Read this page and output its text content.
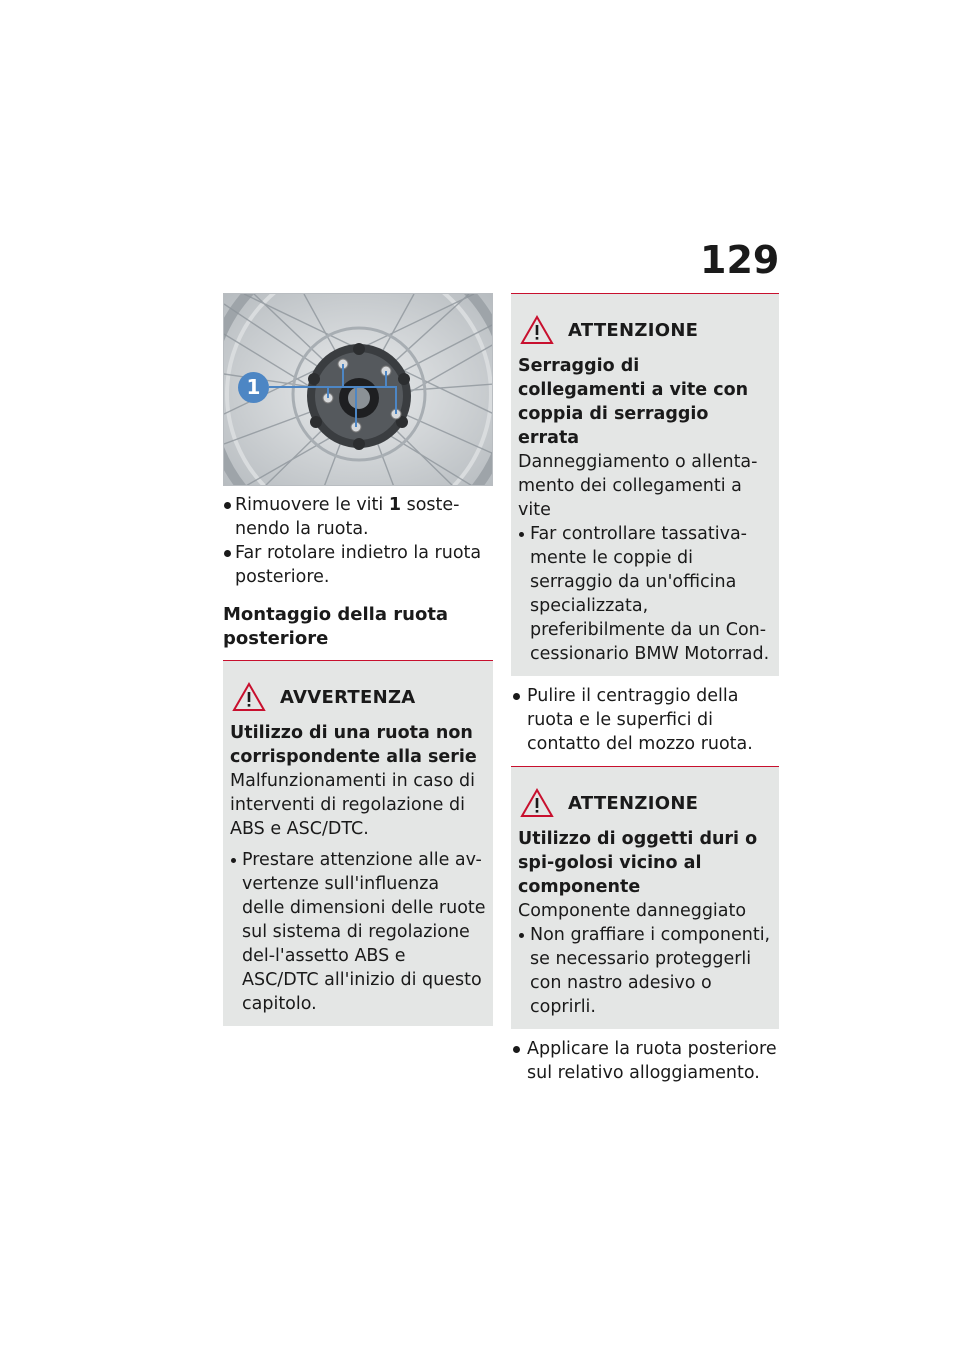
129
1
Rimuovere le viti 1 soste-nendo la ruota.
Far rotolare indietro la ruota posteriore.
Montaggio della ruota posteriore
AVVERTENZA
Utilizzo di una ruota non corrispondente alla serie
Malfunzionamenti in caso di interventi di regolazione di ABS e ASC/DTC.
Prestare attenzione alle av-vertenze sull'influenza delle dimensioni delle ruote sul sistema di regolazione del-l'assetto ABS e ASC/DTC all'inizio di questo capitolo.
ATTENZIONE
Serraggio di collegamenti a vite con coppia di serraggio errata
Danneggiamento o allenta-mento dei collegamenti a vite
Far controllare tassativa-mente le coppie di serraggio da un'officina specializzata, preferibilmente da un Con-cessionario BMW Motorrad.
Pulire il centraggio della ruota e le superfici di contatto del mozzo ruota.
ATTENZIONE
Utilizzo di oggetti duri o spi-golosi vicino al componente
Componente danneggiato
Non graffiare i componenti, se necessario proteggerli con nastro adesivo o coprirli.
Applicare la ruota posteriore sul relativo alloggiamento.
